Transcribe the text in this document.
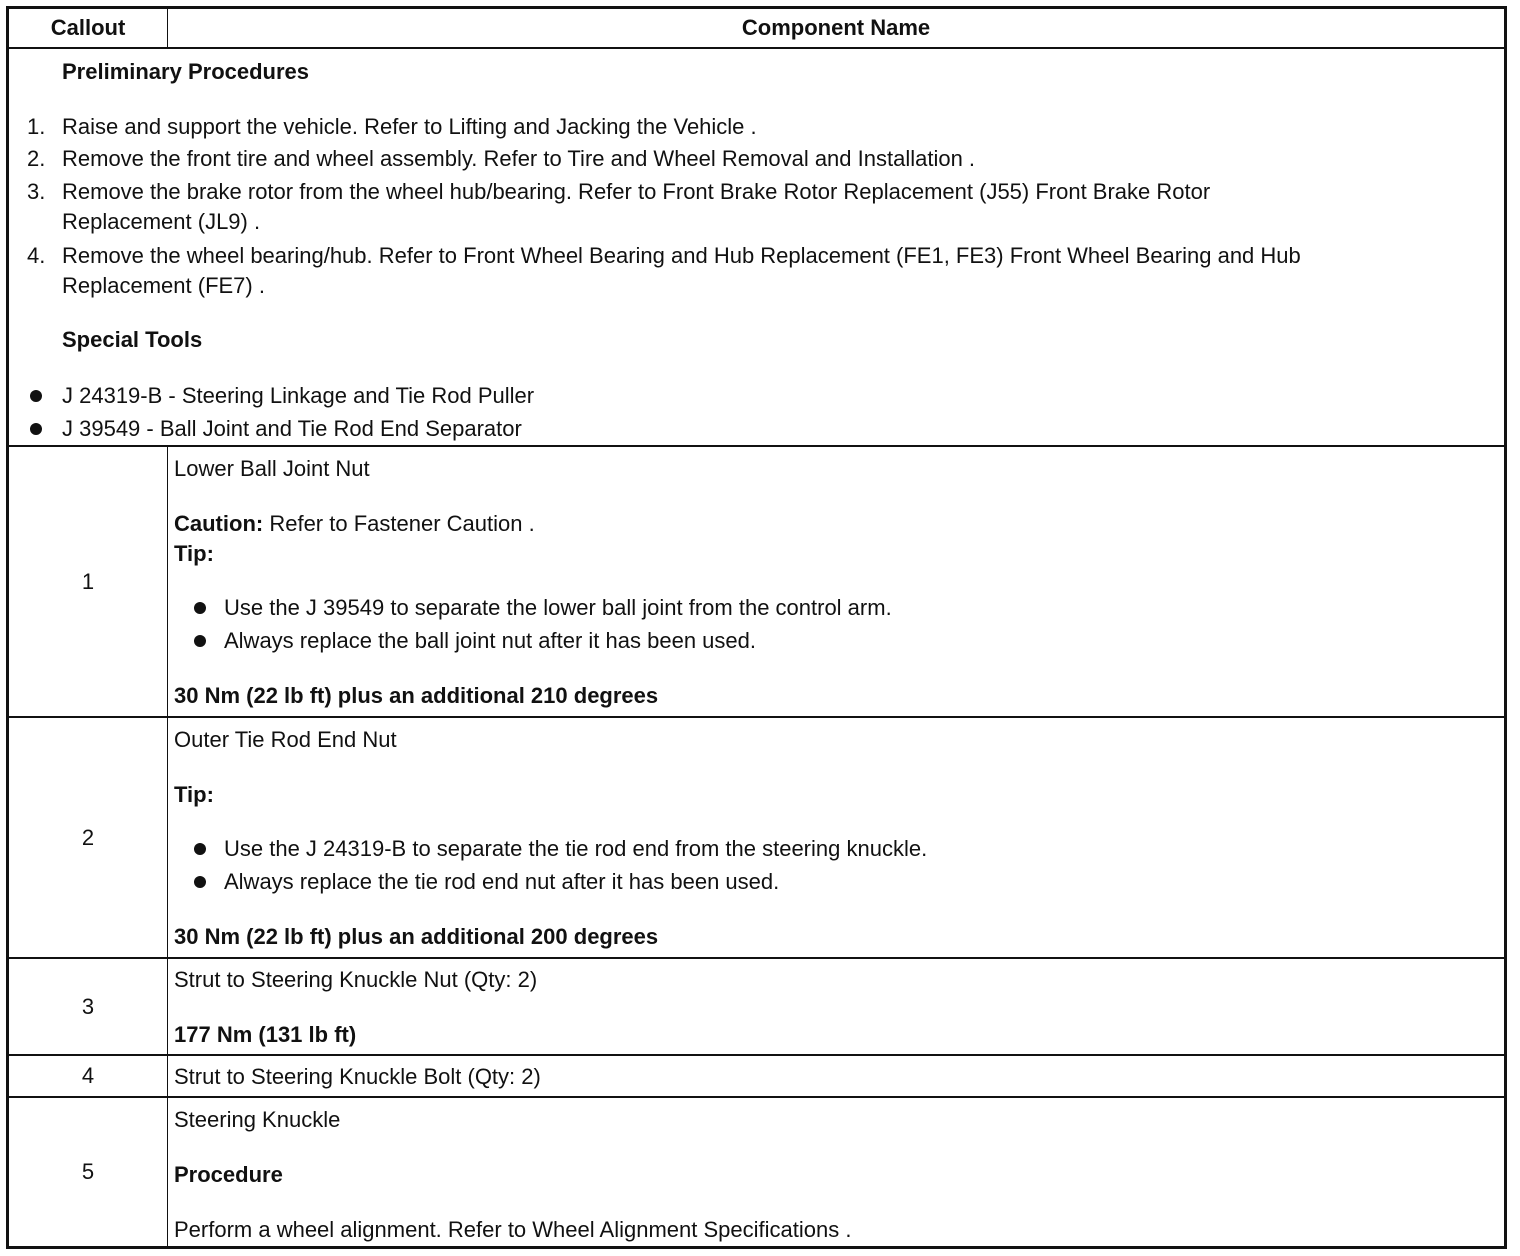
Callout	Component Name
Preliminary Procedures
1. Raise and support the vehicle. Refer to Lifting and Jacking the Vehicle .
2. Remove the front tire and wheel assembly. Refer to Tire and Wheel Removal and Installation .
3. Remove the brake rotor from the wheel hub/bearing. Refer to Front Brake Rotor Replacement (J55) Front Brake Rotor
Replacement (JL9) .
4. Remove the wheel bearing/hub. Refer to Front Wheel Bearing and Hub Replacement (FE1, FE3) Front Wheel Bearing and Hub
Replacement (FE7) .
Special Tools
J 24319-B - Steering Linkage and Tie Rod Puller
J 39549 - Ball Joint and Tie Rod End Separator
1
Lower Ball Joint Nut
Caution: Refer to Fastener Caution .
Tip:
Use the J 39549 to separate the lower ball joint from the control arm.
Always replace the ball joint nut after it has been used.
30 Nm (22 lb ft) plus an additional 210 degrees
2
Outer Tie Rod End Nut
Tip:
Use the J 24319-B to separate the tie rod end from the steering knuckle.
Always replace the tie rod end nut after it has been used.
30 Nm (22 lb ft) plus an additional 200 degrees
3
Strut to Steering Knuckle Nut (Qty: 2)
177 Nm (131 lb ft)
4	Strut to Steering Knuckle Bolt (Qty: 2)
5
Steering Knuckle
Procedure
Perform a wheel alignment. Refer to Wheel Alignment Specifications .
